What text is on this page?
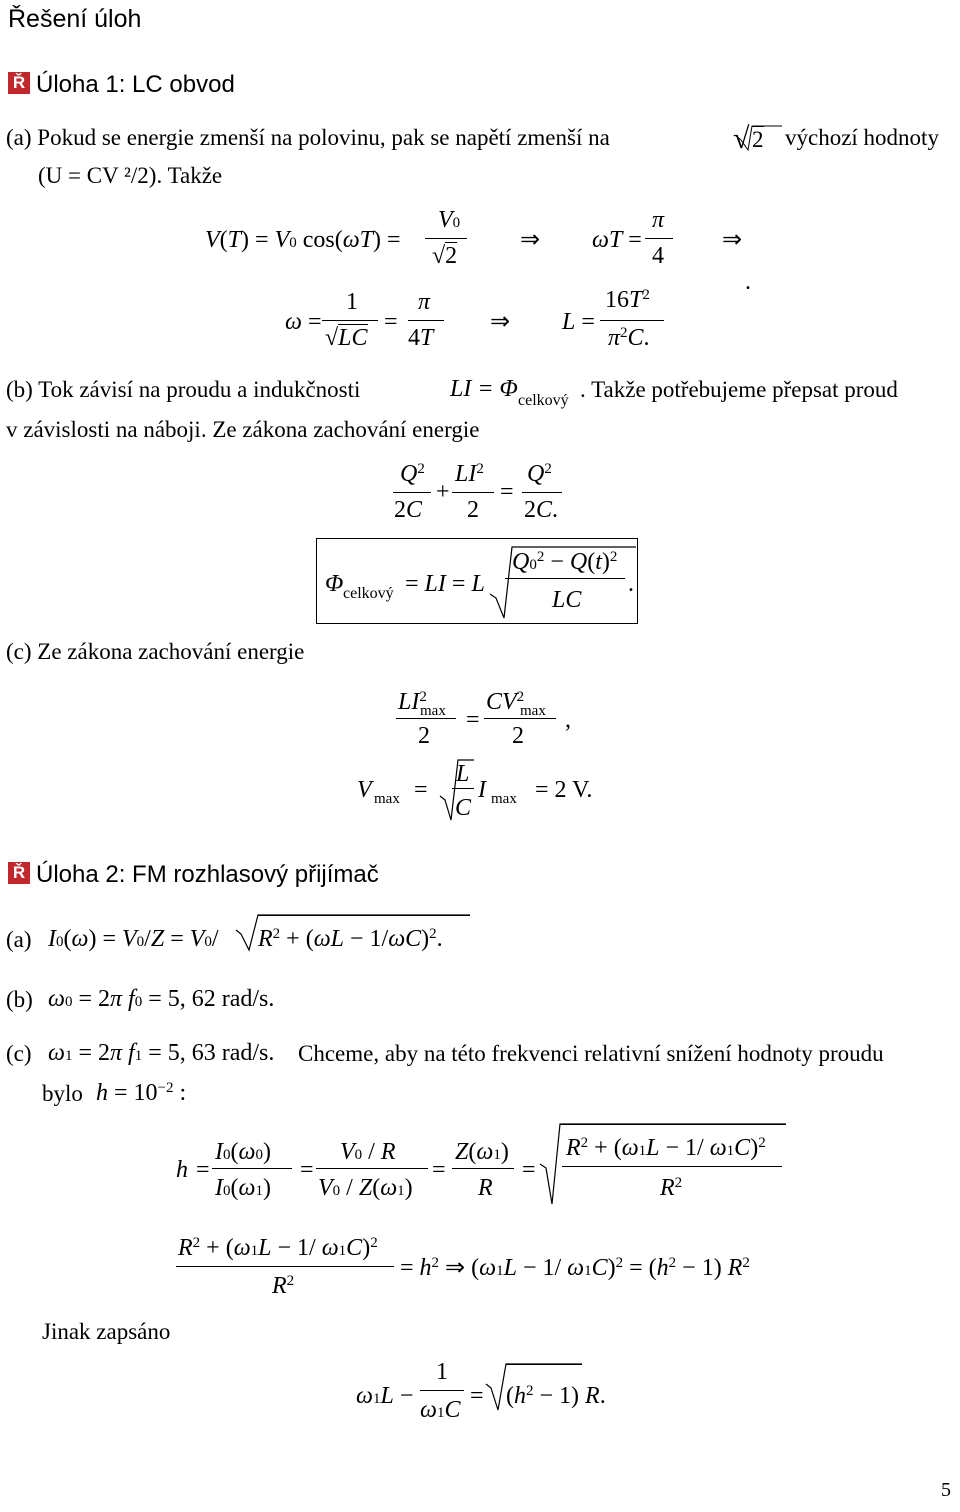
Řešení úloh
Ř Úloha 1: LC obvod
(a) Pokud se energie zmenší na polovinu, pak se napětí zmenší na	√ 2 výchozí hodnoty
(U = CV ²/2). Takže
V(T) = V0 cos(ωT) =
V0
√2
⇒ ωT =
π
4
⇒
ω =
1
√LC
=
π
4T
⇒ L =
$16T^2$
$\pi^2C$.
.
(b) Tok závisí na proudu a indukčnosti	LI = Φ celkový . Takže potřebujeme přepsat proud
v závislosti na náboji. Ze zákona zachování energie
$Q^2$
2C
+
$LI^2$
2
=
$Q^2$
2C.
Φ celkový = LI = L
$Q0^2 - Q(t)^2$
LC
.
(c) Ze zákona zachování energie
$LI^2$
max
2
=
$CV^2$
max
2
,
V max =
L
C
I max = 2 V.
Ř Úloha 2: FM rozhlasový přijímač
(a) I0(ω) = V0/Z = V0/ $R^2 + (\omega L - 1/\omega C)^2$.
(b) ω0 = 2π f0 = 5, 62 rad/s.
(c) ω1 = 2π f1 = 5, 63 rad/s. Chceme, aby na této frekvenci relativní snížení hodnoty proudu
bylo $h = 10^{-2}$ :
h =
I0(ω0)
I0(ω1)
=
V0 / R
V0 / Z(ω1)
=
Z(ω1)
R
=
$R^2 + (\omega 1L - 1/$ ω1C)$^2$
$R^2$
$R^2 + (\omega 1L - 1/$ ω1C)$^2$
$R^2$	= $h^2$ ⇒ (ω1L − 1/ $\omega 1C)^2 = (h^2 - 1)$ $R^2$
Jinak zapsáno
ω1L −
1
ω1C
= $(h^2 - 1)$ R.
5
